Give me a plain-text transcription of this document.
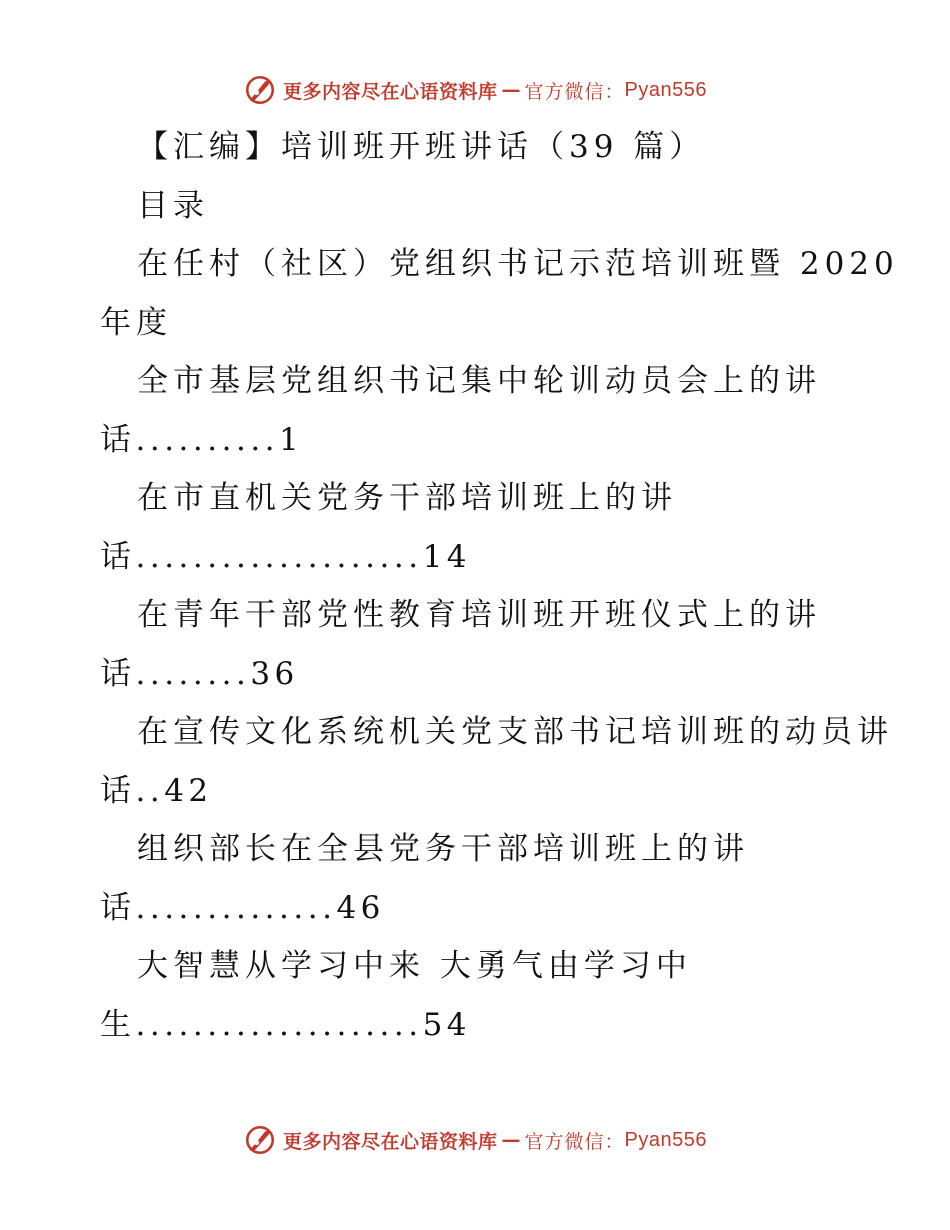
更多内容尽在心语资料库 — 官方微信： Pyan556
【汇编】培训班开班讲话（39 篇）
目录
在任村（社区）党组织书记示范培训班暨 2020
年度
全市基层党组织书记集中轮训动员会上的讲
话..........1
在市直机关党务干部培训班上的讲
话....................14
在青年干部党性教育培训班开班仪式上的讲
话........36
在宣传文化系统机关党支部书记培训班的动员讲
话..42
组织部长在全县党务干部培训班上的讲
话..............46
大智慧从学习中来 大勇气由学习中
生....................54
更多内容尽在心语资料库 — 官方微信： Pyan556
